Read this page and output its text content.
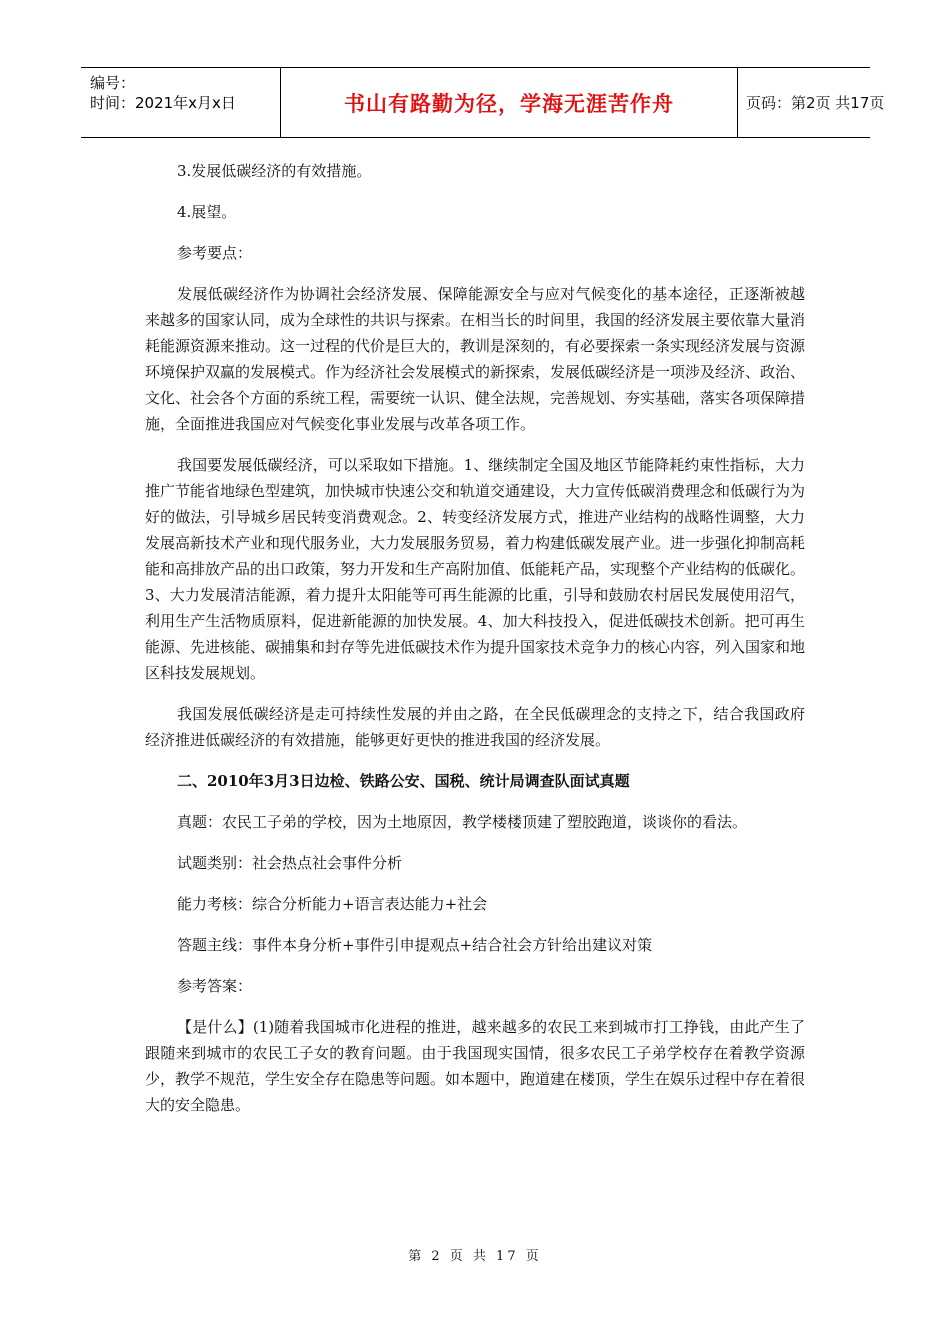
编号：
时间：2021年x月x日	书山有路勤为径，学海无涯苦作舟	页码：第2页 共17页

3.发展低碳经济的有效措施。

4.展望。

参考要点：

发展低碳经济作为协调社会经济发展、保障能源安全与应对气候变化的基本途径，正逐渐被越来越多的国家认同，成为全球性的共识与探索。在相当长的时间里，我国的经济发展主要依靠大量消耗能源资源来推动。这一过程的代价是巨大的，教训是深刻的，有必要探索一条实现经济发展与资源环境保护双赢的发展模式。作为经济社会发展模式的新探索，发展低碳经济是一项涉及经济、政治、文化、社会各个方面的系统工程，需要统一认识、健全法规，完善规划、夯实基础，落实各项保障措施，全面推进我国应对气候变化事业发展与改革各项工作。

我国要发展低碳经济，可以采取如下措施。1、继续制定全国及地区节能降耗约束性指标，大力推广节能省地绿色型建筑，加快城市快速公交和轨道交通建设，大力宣传低碳消费理念和低碳行为为好的做法，引导城乡居民转变消费观念。2、转变经济发展方式，推进产业结构的战略性调整，大力发展高新技术产业和现代服务业，大力发展服务贸易，着力构建低碳发展产业。进一步强化抑制高耗能和高排放产品的出口政策，努力开发和生产高附加值、低能耗产品，实现整个产业结构的低碳化。3、大力发展清洁能源，着力提升太阳能等可再生能源的比重，引导和鼓励农村居民发展使用沼气，利用生产生活物质原料，促进新能源的加快发展。4、加大科技投入，促进低碳技术创新。把可再生能源、先进核能、碳捕集和封存等先进低碳技术作为提升国家技术竞争力的核心内容，列入国家和地区科技发展规划。

我国发展低碳经济是走可持续性发展的并由之路，在全民低碳理念的支持之下，结合我国政府经济推进低碳经济的有效措施，能够更好更快的推进我国的经济发展。

二、2010年3月3日边检、铁路公安、国税、统计局调查队面试真题

真题：农民工子弟的学校，因为土地原因，教学楼楼顶建了塑胶跑道，谈谈你的看法。

试题类别：社会热点社会事件分析

能力考核：综合分析能力+语言表达能力+社会

答题主线：事件本身分析+事件引申提观点+结合社会方针给出建议对策

参考答案：

【是什么】(1)随着我国城市化进程的推进，越来越多的农民工来到城市打工挣钱，由此产生了跟随来到城市的农民工子女的教育问题。由于我国现实国情，很多农民工子弟学校存在着教学资源少，教学不规范，学生安全存在隐患等问题。如本题中，跑道建在楼顶，学生在娱乐过程中存在着很大的安全隐患。

第 2 页 共 17 页
